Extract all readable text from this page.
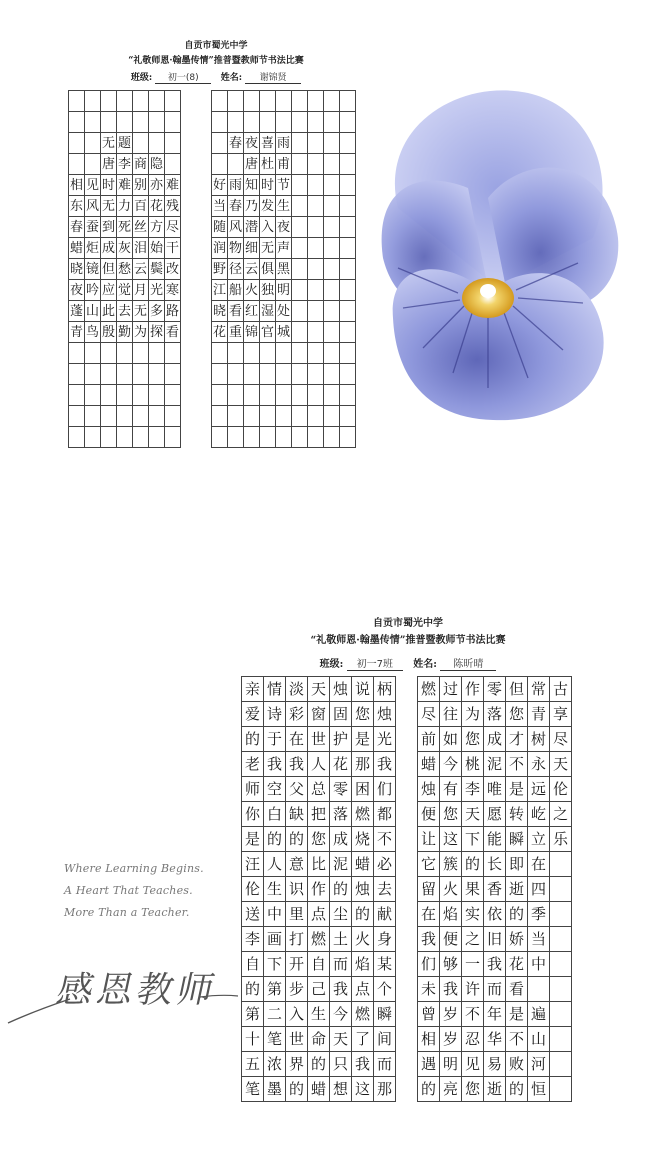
自贡市蜀光中学
“礼敬师恩·翰墨传情”推普暨教师节书法比赛
班级: 初一(8) 姓名: 谢锦贤

		无	题							春	夜	喜	雨				
		唐	李	商	隐						唐	杜	甫				
相	见	时	难	别	亦	难			好	雨	知	时	节				
东	风	无	力	百	花	残			当	春	乃	发	生				
春	蚕	到	死	丝	方	尽			随	风	潜	入	夜				
蜡	炬	成	灰	泪	始	干			润	物	细	无	声				
晓	镜	但	愁	云	鬓	改			野	径	云	俱	黑				
夜	吟	应	觉	月	光	寒			江	船	火	独	明				
蓬	山	此	去	无	多	路			晓	看	红	湿	处				
青	鸟	殷	勤	为	探	看			花	重	锦	官	城				

自贡市蜀光中学
“礼敬师恩·翰墨传情”推普暨教师节书法比赛
班级: 初一7班 姓名: 陈昕晴
亲	情	淡	天	烛	说	柄		燃	过	作	零	但	常	古
爱	诗	彩	窗	固	您	烛		尽	往	为	落	您	青	享
的	于	在	世	护	是	光		前	如	您	成	才	树	尽
老	我	我	人	花	那	我		蜡	今	桃	泥	不	永	天
师	空	父	总	零	困	们		烛	有	李	唯	是	远	伦
你	白	缺	把	落	燃	都		便	您	天	愿	转	屹	之
是	的	的	您	成	烧	不		让	这	下	能	瞬	立	乐
汪	人	意	比	泥	蜡	必		它	簇	的	长	即	在	
伦	生	识	作	的	烛	去		留	火	果	香	逝	四	
送	中	里	点	尘	的	献		在	焰	实	依	的	季	
李	画	打	燃	土	火	身		我	便	之	旧	娇	当	
自	下	开	自	而	焰	某		们	够	一	我	花	中	
的	第	步	己	我	点	个		未	我	许	而	看		
第	二	入	生	今	燃	瞬		曾	岁	不	年	是	遍	
十	笔	世	命	天	了	间		相	岁	忍	华	不	山	
五	浓	界	的	只	我	而		遇	明	见	易	败	河	
笔	墨	的	蜡	想	这	那		的	亮	您	逝	的	恒	
Where Learning Begins.
A Heart That Teaches.
More Than a Teacher.
感恩教师
